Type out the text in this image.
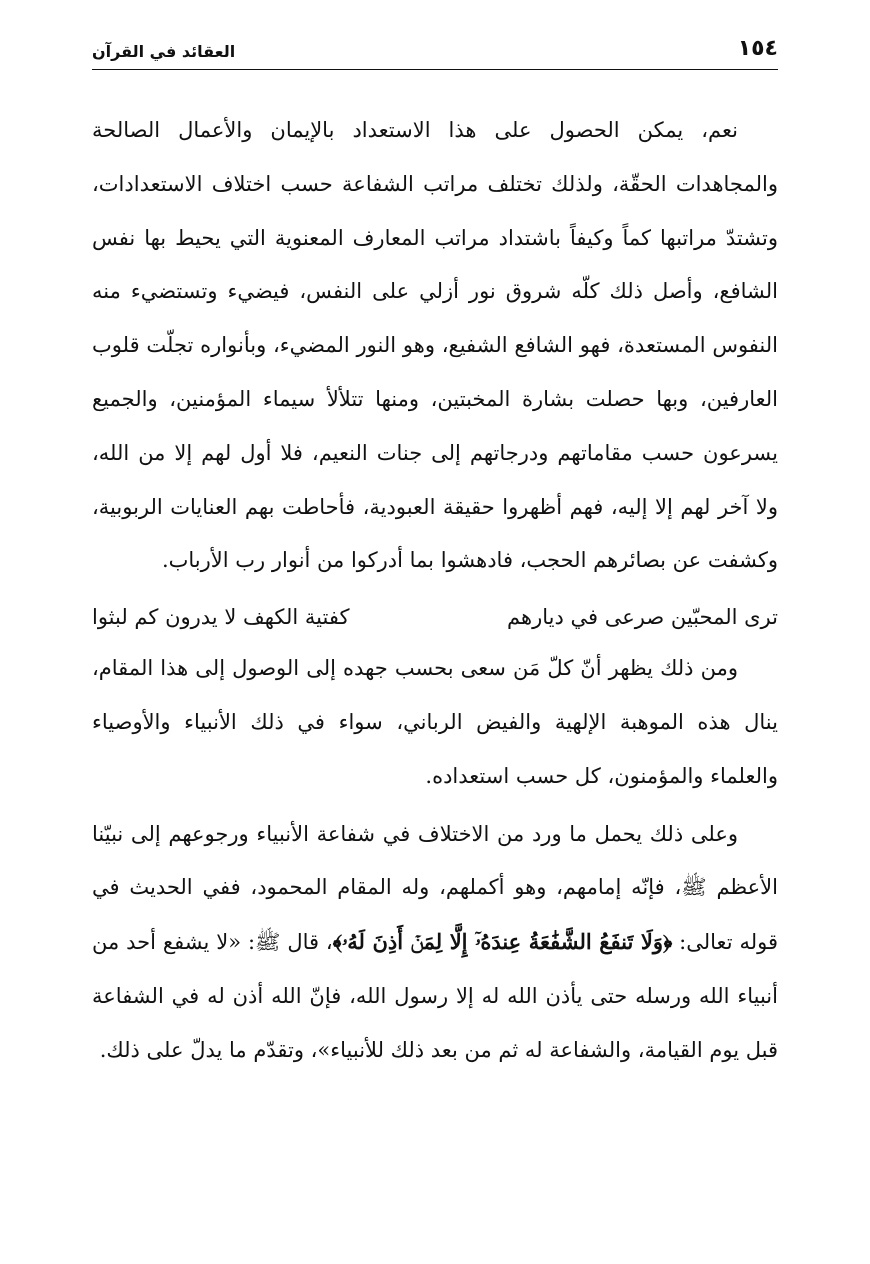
١٥٤
العقائد في القرآن

نعم، يمكن الحصول على هذا الاستعداد بالإيمان والأعمال الصالحة والمجاهدات الحقّة، ولذلك تختلف مراتب الشفاعة حسب اختلاف الاستعدادات، وتشتدّ مراتبها كماً وكيفاً باشتداد مراتب المعارف المعنوية التي يحيط بها نفس الشافع، وأصل ذلك كلّه شروق نور أزلي على النفس، فيضيء وتستضيء منه النفوس المستعدة، فهو الشافع الشفيع، وهو النور المضيء، وبأنواره تجلّت قلوب العارفين، وبها حصلت بشارة المخبتين، ومنها تتلألأ سيماء المؤمنين، والجميع يسرعون حسب مقاماتهم ودرجاتهم إلى جنات النعيم، فلا أول لهم إلا من الله، ولا آخر لهم إلا إليه، فهم أظهروا حقيقة العبودية، فأحاطت بهم العنايات الربوبية، وكشفت عن بصائرهم الحجب، فادهشوا بما أدركوا من أنوار رب الأرباب.

ترى المحبّين صرعى في ديارهم
كفتية الكهف لا يدرون كم لبثوا

ومن ذلك يظهر أنّ كلّ مَن سعى بحسب جهده إلى الوصول إلى هذا المقام، ينال هذه الموهبة الإلهية والفيض الرباني، سواء في ذلك الأنبياء والأوصياء والعلماء والمؤمنون، كل حسب استعداده.

وعلى ذلك يحمل ما ورد من الاختلاف في شفاعة الأنبياء ورجوعهم إلى نبيّنا الأعظم ﷺ، فإنّه إمامهم، وهو أكملهم، وله المقام المحمود، ففي الحديث في قوله تعالى: ﴿وَلَا تَنفَعُ الشَّفَٰعَةُ عِندَهُۥٓ إِلَّا لِمَنۡ أَذِنَ لَهُۥ﴾، قال ﷺ: «لا يشفع أحد من أنبياء الله ورسله حتى يأذن الله له إلا رسول الله، فإنّ الله أذن له في الشفاعة قبل يوم القيامة، والشفاعة له ثم من بعد ذلك للأنبياء»، وتقدّم ما يدلّ على ذلك.
